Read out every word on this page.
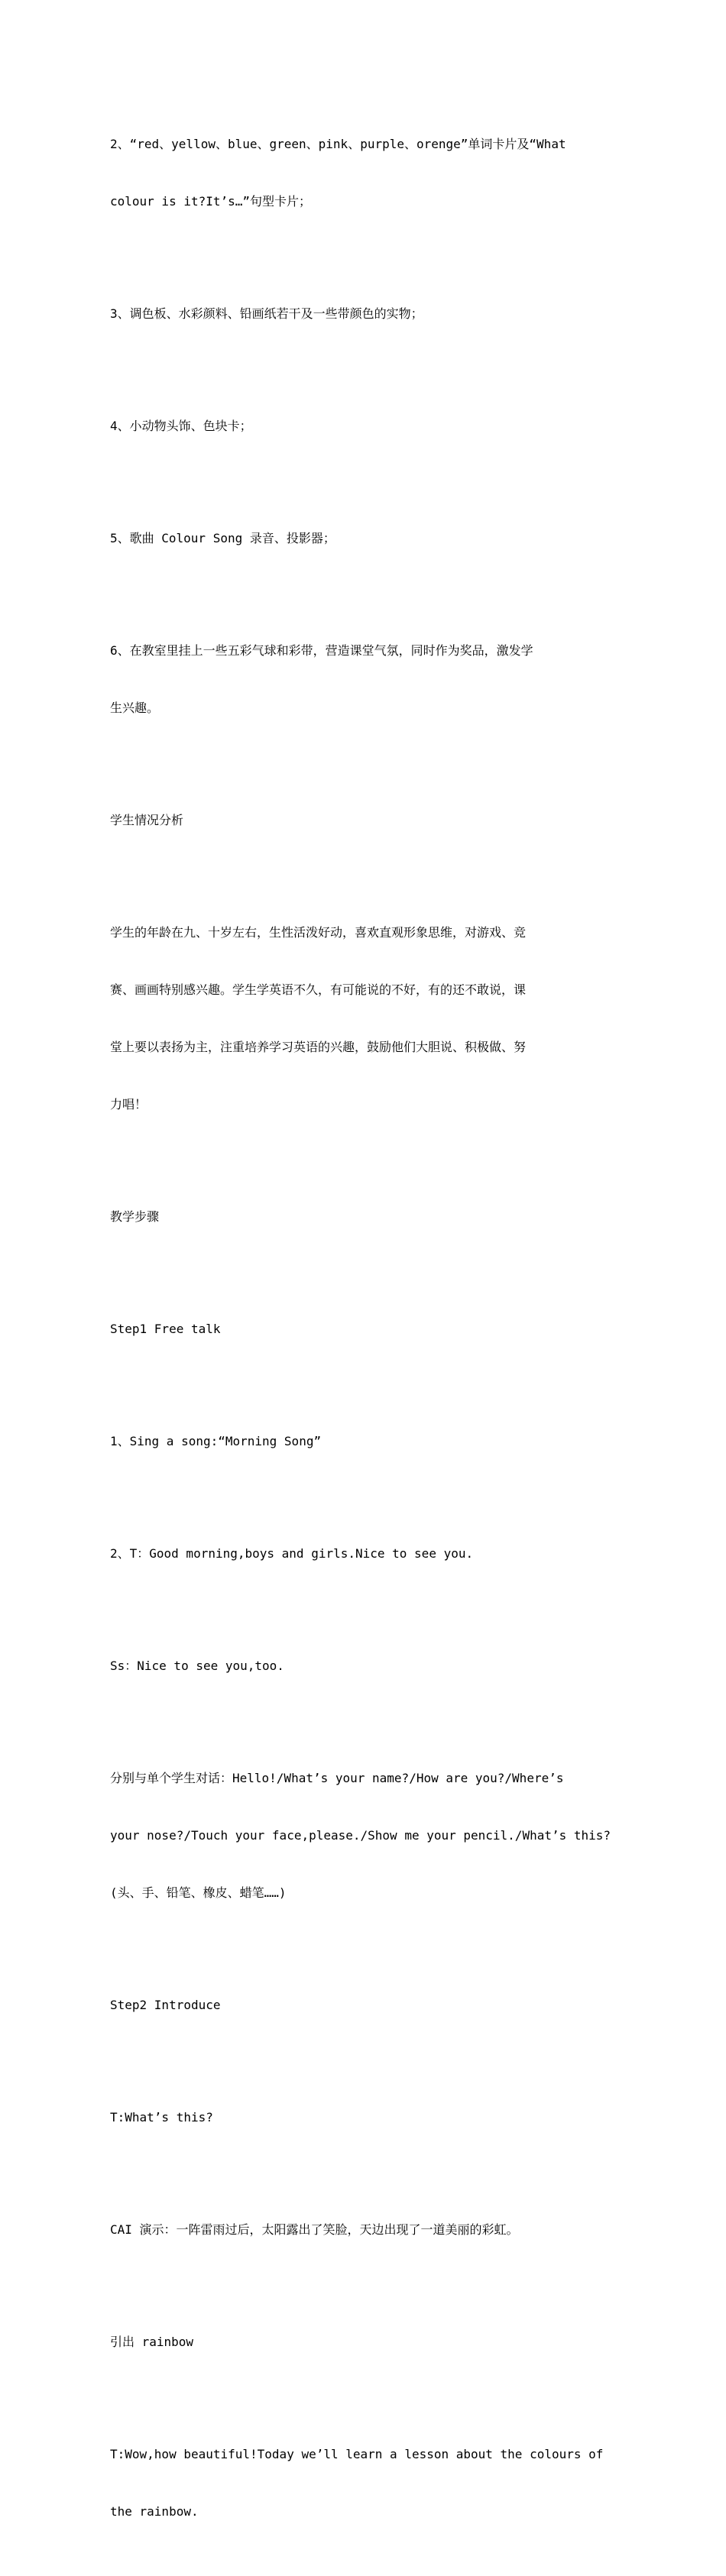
2、“red、yellow、blue、green、pink、purple、orenge”单词卡片及“What

colour is it?It’s…”句型卡片；

3、调色板、水彩颜料、铅画纸若干及一些带颜色的实物；

4、小动物头饰、色块卡；

5、歌曲 Colour Song 录音、投影器；

6、在教室里挂上一些五彩气球和彩带，营造课堂气氛，同时作为奖品，激发学

生兴趣。

学生情况分析

学生的年龄在九、十岁左右，生性活泼好动，喜欢直观形象思维，对游戏、竞

赛、画画特别感兴趣。学生学英语不久，有可能说的不好，有的还不敢说，课

堂上要以表扬为主，注重培养学习英语的兴趣，鼓励他们大胆说、积极做、努

力唱！

教学步骤

Step1 Free talk

1、Sing a song:“Morning Song”

2、T：Good morning,boys and girls.Nice to see you.

Ss：Nice to see you,too.

分别与单个学生对话：Hello!/What’s your name?/How are you?/Where’s

your nose?/Touch your face,please./Show me your pencil./What’s this?

(头、手、铅笔、橡皮、蜡笔……)

Step2 Introduce

T:What’s this?

CAI 演示：一阵雷雨过后，太阳露出了笑脸，天边出现了一道美丽的彩虹。

引出 rainbow

T:Wow,how beautiful!Today we’ll learn a lesson about the colours of

the rainbow.
